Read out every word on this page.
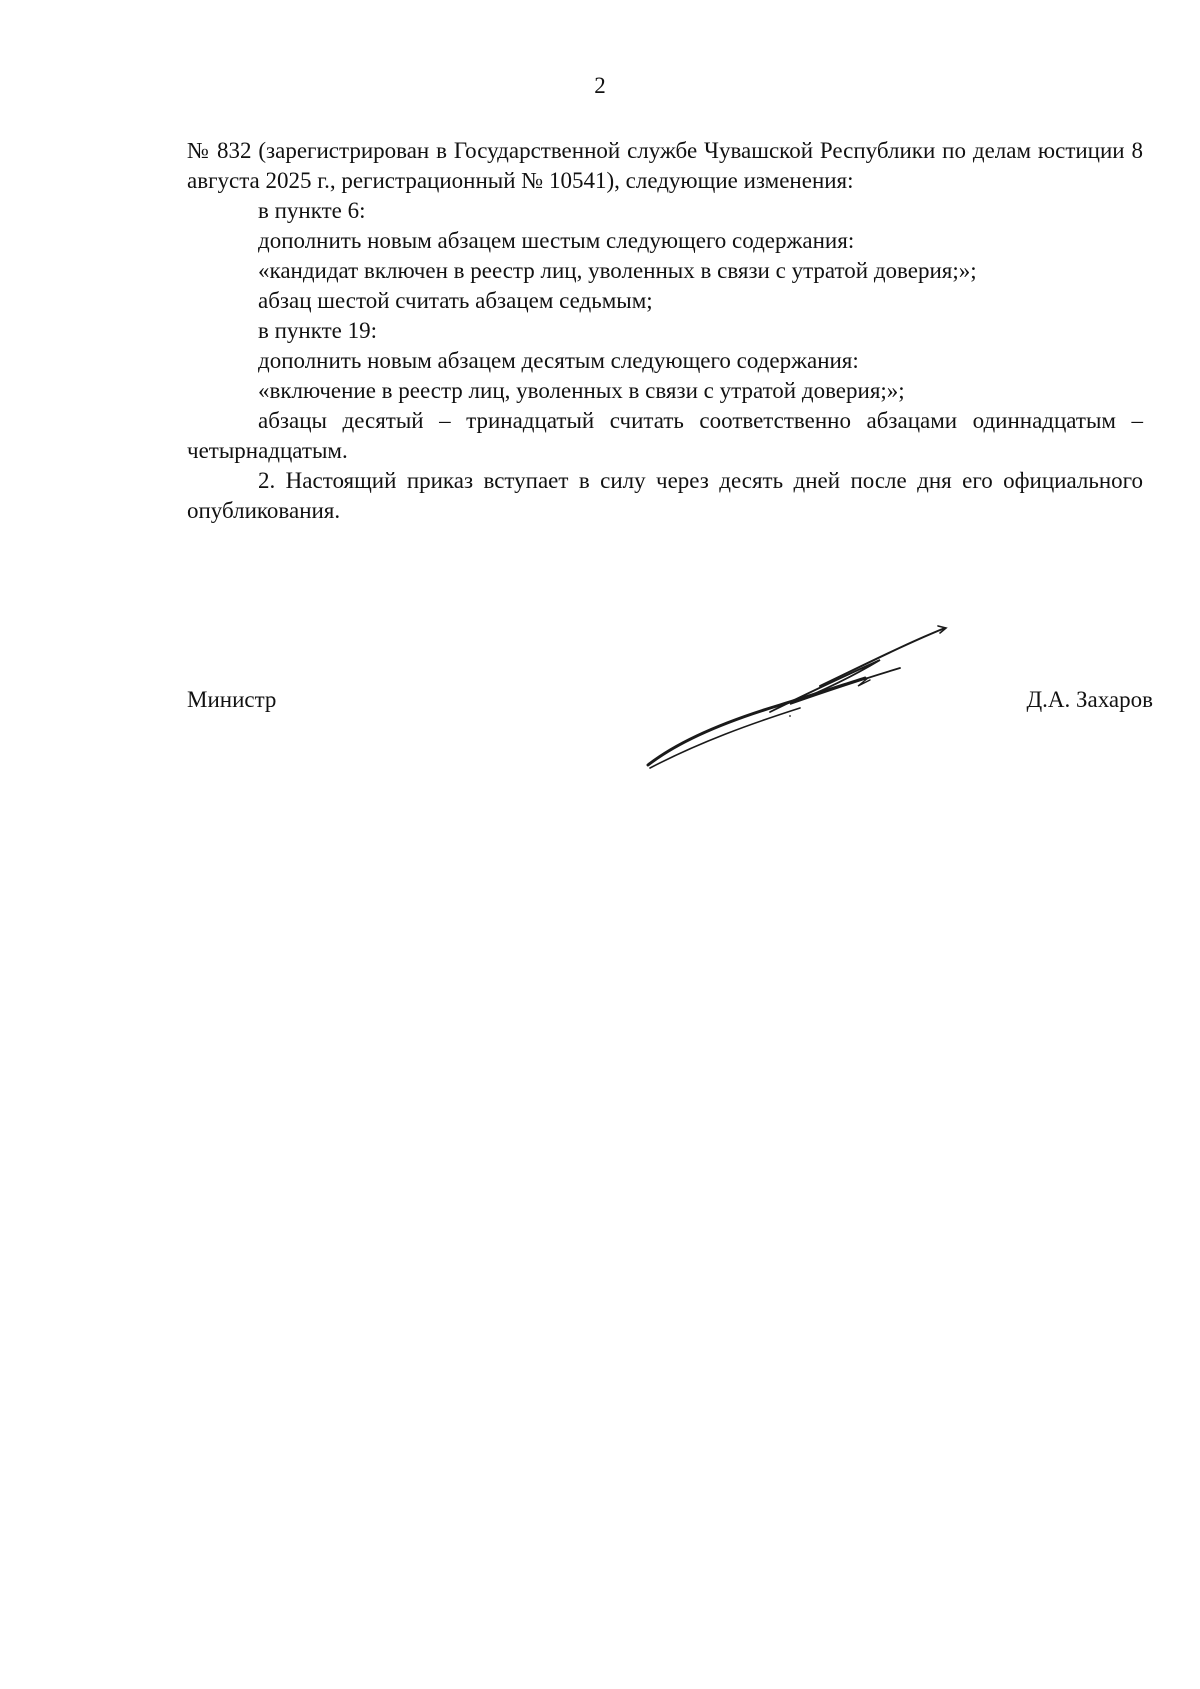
2

№ 832 (зарегистрирован в Государственной службе Чувашской Республики по делам юстиции 8 августа 2025 г., регистрационный № 10541), следующие изменения:

в пункте 6:

дополнить новым абзацем шестым следующего содержания:

«кандидат включен в реестр лиц, уволенных в связи с утратой доверия;»;

абзац шестой считать абзацем седьмым;

в пункте 19:

дополнить новым абзацем десятым следующего содержания:

«включение в реестр лиц, уволенных в связи с утратой доверия;»;

абзацы десятый – тринадцатый считать соответственно абзацами одиннадцатым – четырнадцатым.

2. Настоящий приказ вступает в силу через десять дней после дня его официального опубликования.

Министр	Д.А. Захаров
